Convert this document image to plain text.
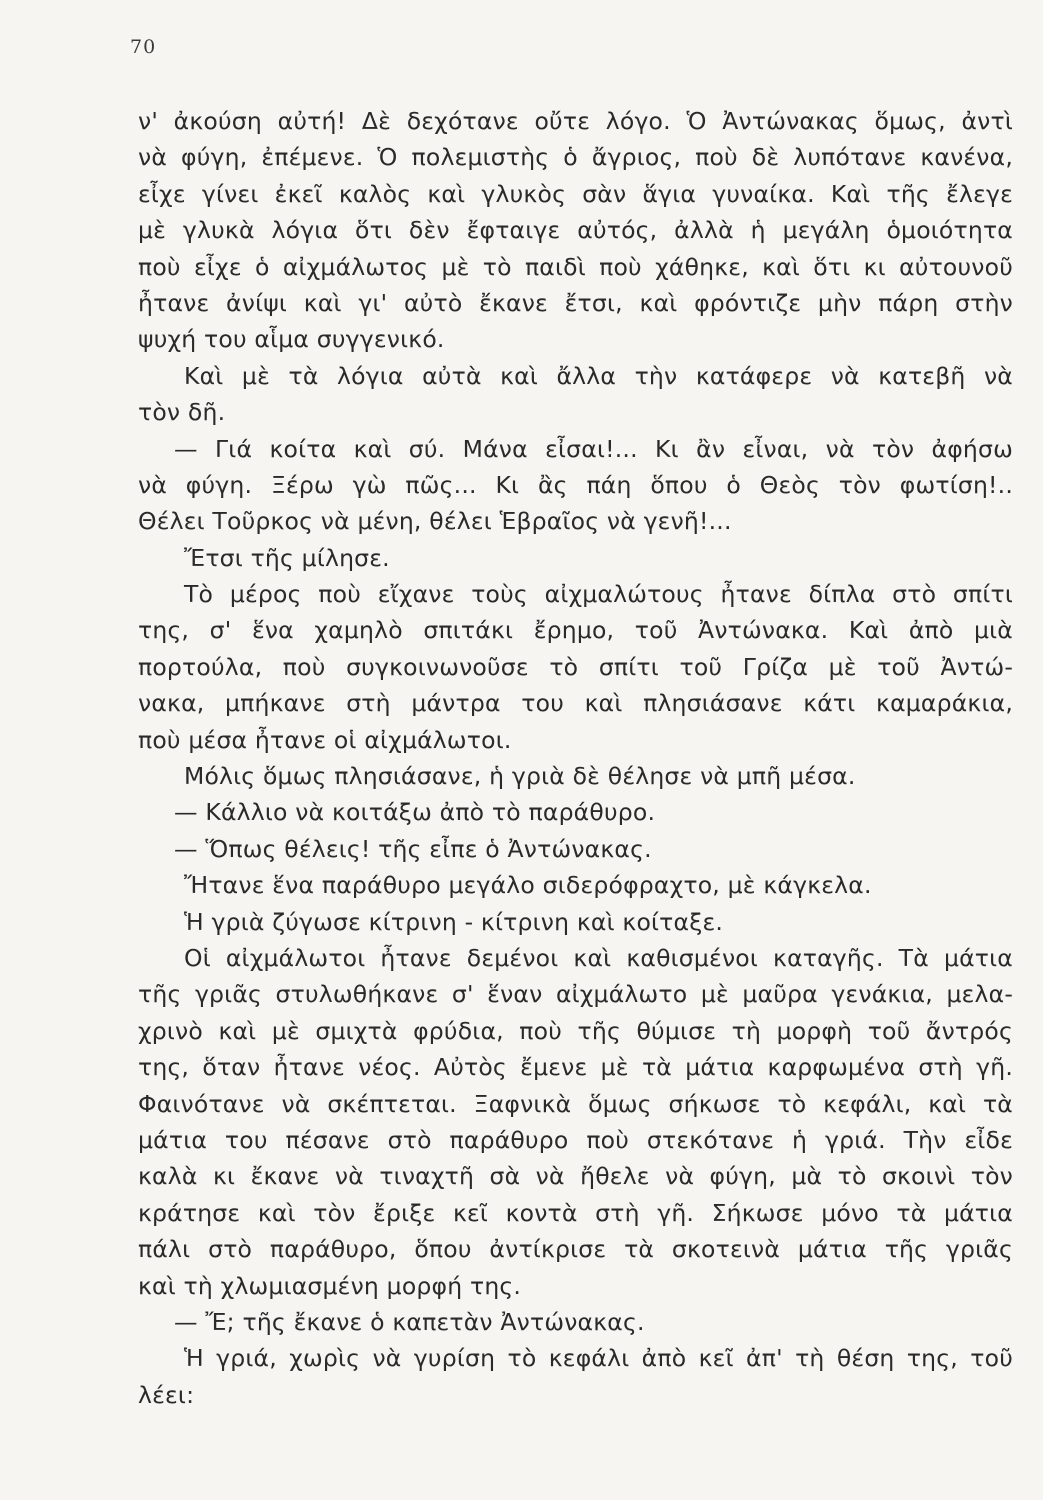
70
ν' ἀκούση αὐτή! Δὲ δεχότανε οὔτε λόγο. Ὁ Ἀντώνακας ὅμως, ἀντὶ
νὰ φύγη, ἐπέμενε. Ὁ πολεμιστὴς ὁ ἄγριος, ποὺ δὲ λυπότανε κανένα,
εἶχε γίνει ἐκεῖ καλὸς καὶ γλυκὸς σὰν ἅγια γυναίκα. Καὶ τῆς ἔλεγε
μὲ γλυκὰ λόγια ὅτι δὲν ἔφταιγε αὐτός, ἀλλὰ ἡ μεγάλη ὁμοιότητα
ποὺ εἶχε ὁ αἰχμάλωτος μὲ τὸ παιδὶ ποὺ χάθηκε, καὶ ὅτι κι αὐτουνοῦ
ἦτανε ἀνίψι καὶ γι' αὐτὸ ἔκανε ἔτσι, καὶ φρόντιζε μὴν πάρη στὴν
ψυχή του αἷμα συγγενικό.
Καὶ μὲ τὰ λόγια αὐτὰ καὶ ἄλλα τὴν κατάφερε νὰ κατεβῆ νὰ
τὸν δῆ.
— Γιά κοίτα καὶ σύ. Μάνα εἶσαι!... Κι ἂν εἶναι, νὰ τὸν ἀφήσω
νὰ φύγη. Ξέρω γὼ πῶς... Κι ἂς πάη ὅπου ὁ Θεὸς τὸν φωτίση!..
Θέλει Τοῦρκος νὰ μένη, θέλει Ἑβραῖος νὰ γενῆ!...
Ἔτσι τῆς μίλησε.
Τὸ μέρος ποὺ εἴχανε τοὺς αἰχμαλώτους ἦτανε δίπλα στὸ σπίτι
της, σ' ἕνα χαμηλὸ σπιτάκι ἔρημο, τοῦ Ἀντώνακα. Καὶ ἀπὸ μιὰ
πορτούλα, ποὺ συγκοινωνοῦσε τὸ σπίτι τοῦ Γρίζα μὲ τοῦ Ἀντώ-
νακα, μπήκανε στὴ μάντρα του καὶ πλησιάσανε κάτι καμαράκια,
ποὺ μέσα ἦτανε οἱ αἰχμάλωτοι.
Μόλις ὅμως πλησιάσανε, ἡ γριὰ δὲ θέλησε νὰ μπῆ μέσα.
— Κάλλιο νὰ κοιτάξω ἀπὸ τὸ παράθυρο.
— Ὅπως θέλεις! τῆς εἶπε ὁ Ἀντώνακας.
Ἤτανε ἕνα παράθυρο μεγάλο σιδερόφραχτο, μὲ κάγκελα.
Ἡ γριὰ ζύγωσε κίτρινη - κίτρινη καὶ κοίταξε.
Οἱ αἰχμάλωτοι ἦτανε δεμένοι καὶ καθισμένοι καταγῆς. Τὰ μάτια
τῆς γριᾶς στυλωθήκανε σ' ἕναν αἰχμάλωτο μὲ μαῦρα γενάκια, μελα-
χρινὸ καὶ μὲ σμιχτὰ φρύδια, ποὺ τῆς θύμισε τὴ μορφὴ τοῦ ἄντρός
της, ὅταν ἦτανε νέος. Αὐτὸς ἔμενε μὲ τὰ μάτια καρφωμένα στὴ γῆ.
Φαινότανε νὰ σκέπτεται. Ξαφνικὰ ὅμως σήκωσε τὸ κεφάλι, καὶ τὰ
μάτια του πέσανε στὸ παράθυρο ποὺ στεκότανε ἡ γριά. Τὴν εἶδε
καλὰ κι ἔκανε νὰ τιναχτῆ σὰ νὰ ἤθελε νὰ φύγη, μὰ τὸ σκοινὶ τὸν
κράτησε καὶ τὸν ἔριξε κεῖ κοντὰ στὴ γῆ. Σήκωσε μόνο τὰ μάτια
πάλι στὸ παράθυρο, ὅπου ἀντίκρισε τὰ σκοτεινὰ μάτια τῆς γριᾶς
καὶ τὴ χλωμιασμένη μορφή της.
— Ἔ; τῆς ἔκανε ὁ καπετὰν Ἀντώνακας.
Ἡ γριά, χωρὶς νὰ γυρίση τὸ κεφάλι ἀπὸ κεῖ ἀπ' τὴ θέση της, τοῦ
λέει:
